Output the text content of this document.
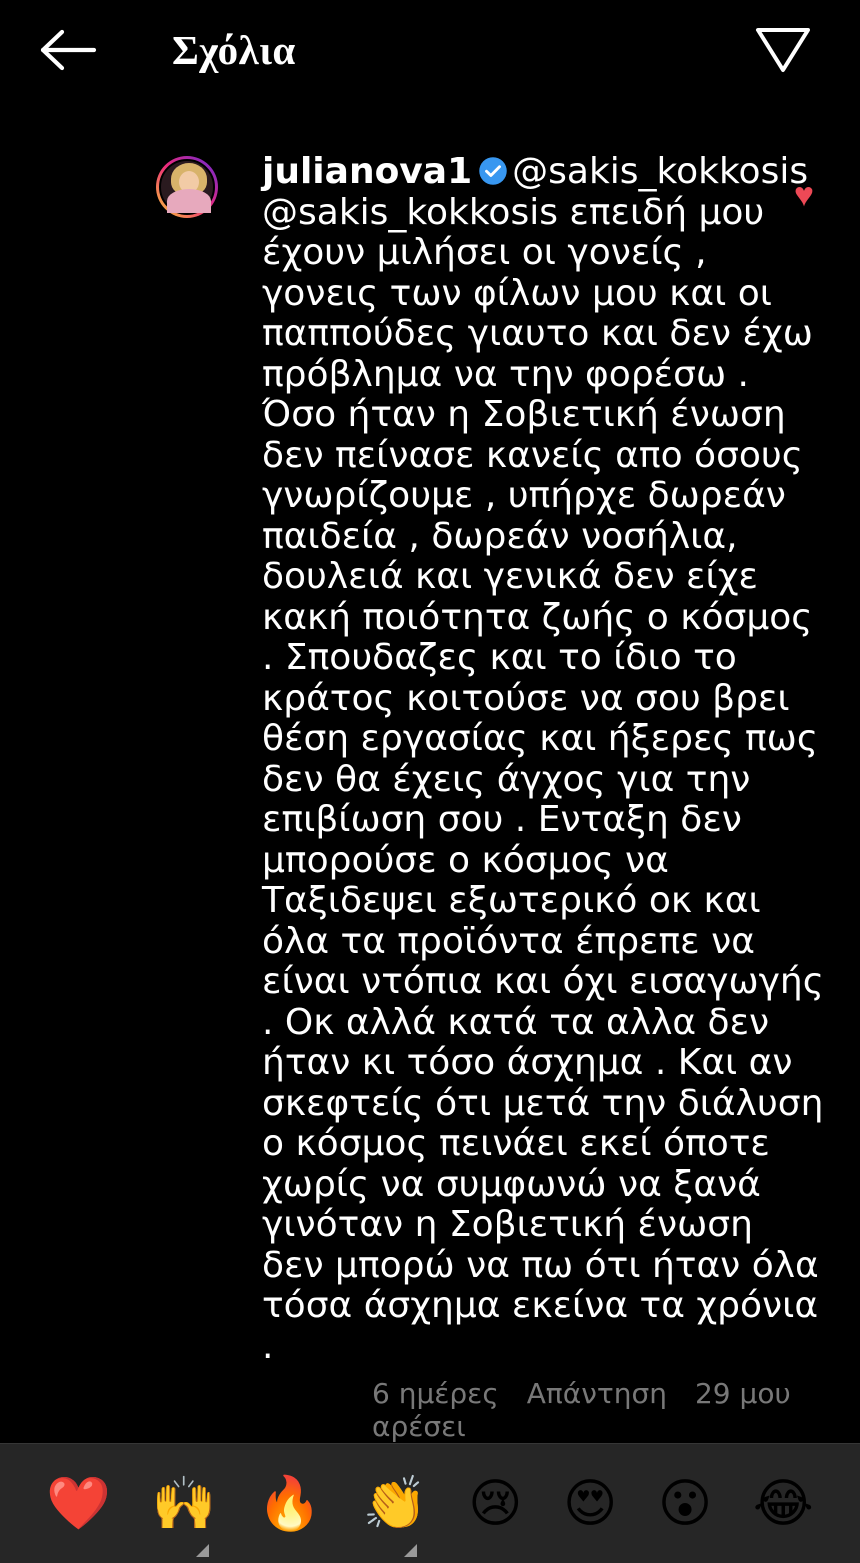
Σχόλια
julianova1 @sakis_kokkosis @sakis_kokkosis επειδή μου έχουν μιλήσει οι γονείς , γονεις των φίλων μου και οι παππούδες γιαυτο και δεν έχω πρόβλημα να την φορέσω . Όσο ήταν η Σοβιετική ένωση δεν πείνασε κανείς απο όσους γνωρίζουμε , υπήρχε δωρεάν παιδεία , δωρεάν νοσήλια, δουλειά και γενικά δεν είχε κακή ποιότητα ζωής ο κόσμος . Σπουδαζες και το ίδιο το κράτος κοιτούσε να σου βρει θέση εργασίας και ήξερες πως δεν θα έχεις άγχος για την επιβίωση σου . Ενταξη δεν μπορούσε ο κόσμος να Ταξιδεψει εξωτερικό οκ και όλα τα προϊόντα έπρεπε να είναι ντόπια και όχι εισαγωγής . Οκ αλλά κατά τα αλλα δεν ήταν κι τόσο άσχημα . Και αν σκεφτείς ότι μετά την διάλυση ο κόσμος πεινάει εκεί όποτε χωρίς να συμφωνώ να ξανά γινόταν η Σοβιετική ένωση δεν μπορώ να πω ότι ήταν όλα τόσα άσχημα εκείνα τα χρόνια .
6 ημέρες Απάντηση 29 μου αρέσει
♥
❤️ 🙌 🔥 👏 😢 😍 😮 😂
